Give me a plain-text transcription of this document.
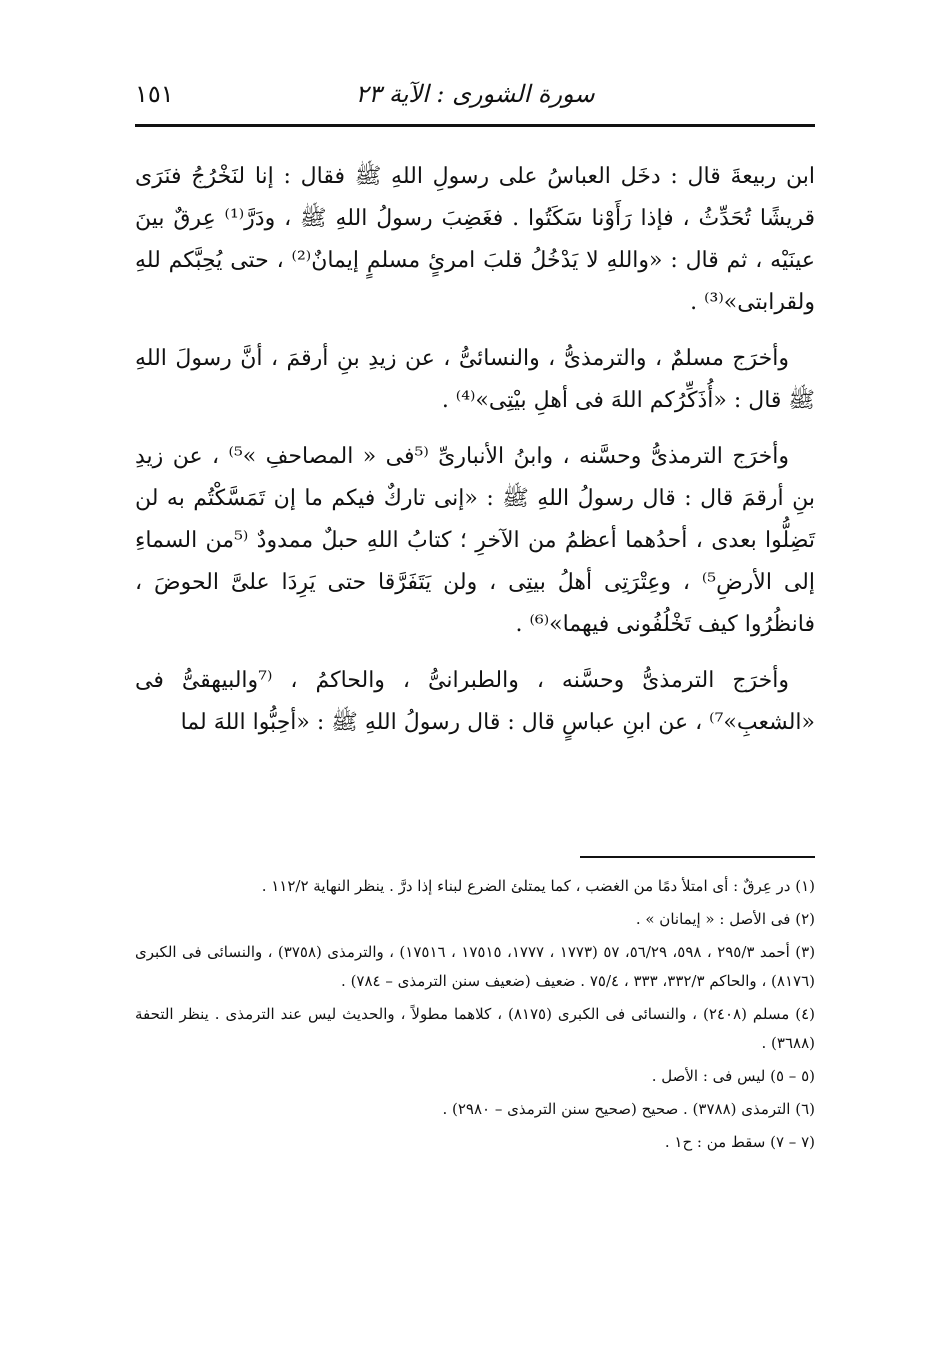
١٥١	سورة الشورى : الآية ٢٣

ابن ربيعةَ قال : دخَل العباسُ على رسولِ اللهِ ﷺ فقال : إنا لنَخْرُجُ فنَرَى قريشًا تُحَدِّثُ ، فإذا رَأَوْنا سَكَتُوا . فغَضِبَ رسولُ اللهِ ﷺ ، ودَرَّ⁽¹⁾ عِرقٌ بينَ عينَيْه ، ثم قال : «واللهِ لا يَدْخُلُ قلبَ امرئٍ مسلمٍ إيمانٌ⁽²⁾ ، حتى يُحِبَّكم للهِ ولقرابتى»⁽³⁾ .

وأخرَج مسلمٌ ، والترمذىُّ ، والنسائىُّ ، عن زيدِ بنِ أرقمَ ، أنَّ رسولَ اللهِ ﷺ قال : «أُذَكِّرُكم اللهَ فى أهلِ بيْتِى»⁽⁴⁾ .

وأخرَج الترمذىُّ وحسَّنه ، وابنُ الأنبارىِّ ⁽⁵فى « المصاحفِ »⁵⁾ ، عن زيدِ بنِ أرقمَ قال : قال رسولُ اللهِ ﷺ : «إنى تاركٌ فيكم ما إن تَمَسَّكْتُم به لن تَضِلُّوا بعدى ، أحدُهما أعظمُ من الآخرِ ؛ كتابُ اللهِ حبلٌ ممدودٌ ⁽⁵من السماءِ إلى الأرضِ⁵⁾ ، وعِتْرَتِى أهلُ بيتِى ، ولن يَتَفَرَّقا حتى يَرِدَا علىَّ الحوضَ ، فانظُرُوا كيف تَخْلُفُونى فيهما»⁽⁶⁾ .

وأخرَج الترمذىُّ وحسَّنه ، والطبرانىُّ ، والحاكمُ ، ⁽⁷والبيهقىُّ فى «الشعبِ»⁷⁾ ، عن ابنِ عباسٍ قال : قال رسولُ اللهِ ﷺ : «أحِبُّوا اللهَ لما

(١) در عِرقٌ : أى امتلأ دمًا من الغضب ، كما يمتلئ الضرع لبناء إذا درَّ . ينظر النهاية ١١٢/٢ .

(٢) فى الأصل : « إيمانان » .

(٣) أحمد ٢٩٥/٣ ، ٥٩٨، ٥٦/٢٩، ٥٧ (١٧٧٣ ، ١٧٧٧، ١٧٥١٥ ، ١٧٥١٦) ، والترمذى (٣٧٥٨) ، والنسائى فى الكبرى (٨١٧٦) ، والحاكم ٣٣٢/٣، ٣٣٣ ، ٧٥/٤ . ضعيف (ضعيف سنن الترمذى – ٧٨٤) .

(٤) مسلم (٢٤٠٨) ، والنسائى فى الكبرى (٨١٧٥) ، كلاهما مطولاً ، والحديث ليس عند الترمذى . ينظر التحفة (٣٦٨٨) .

(٥ – ٥) ليس فى : الأصل .

(٦) الترمذى (٣٧٨٨) . صحيح (صحيح سنن الترمذى – ٢٩٨٠) .

(٧ – ٧) سقط من : ح١ .
